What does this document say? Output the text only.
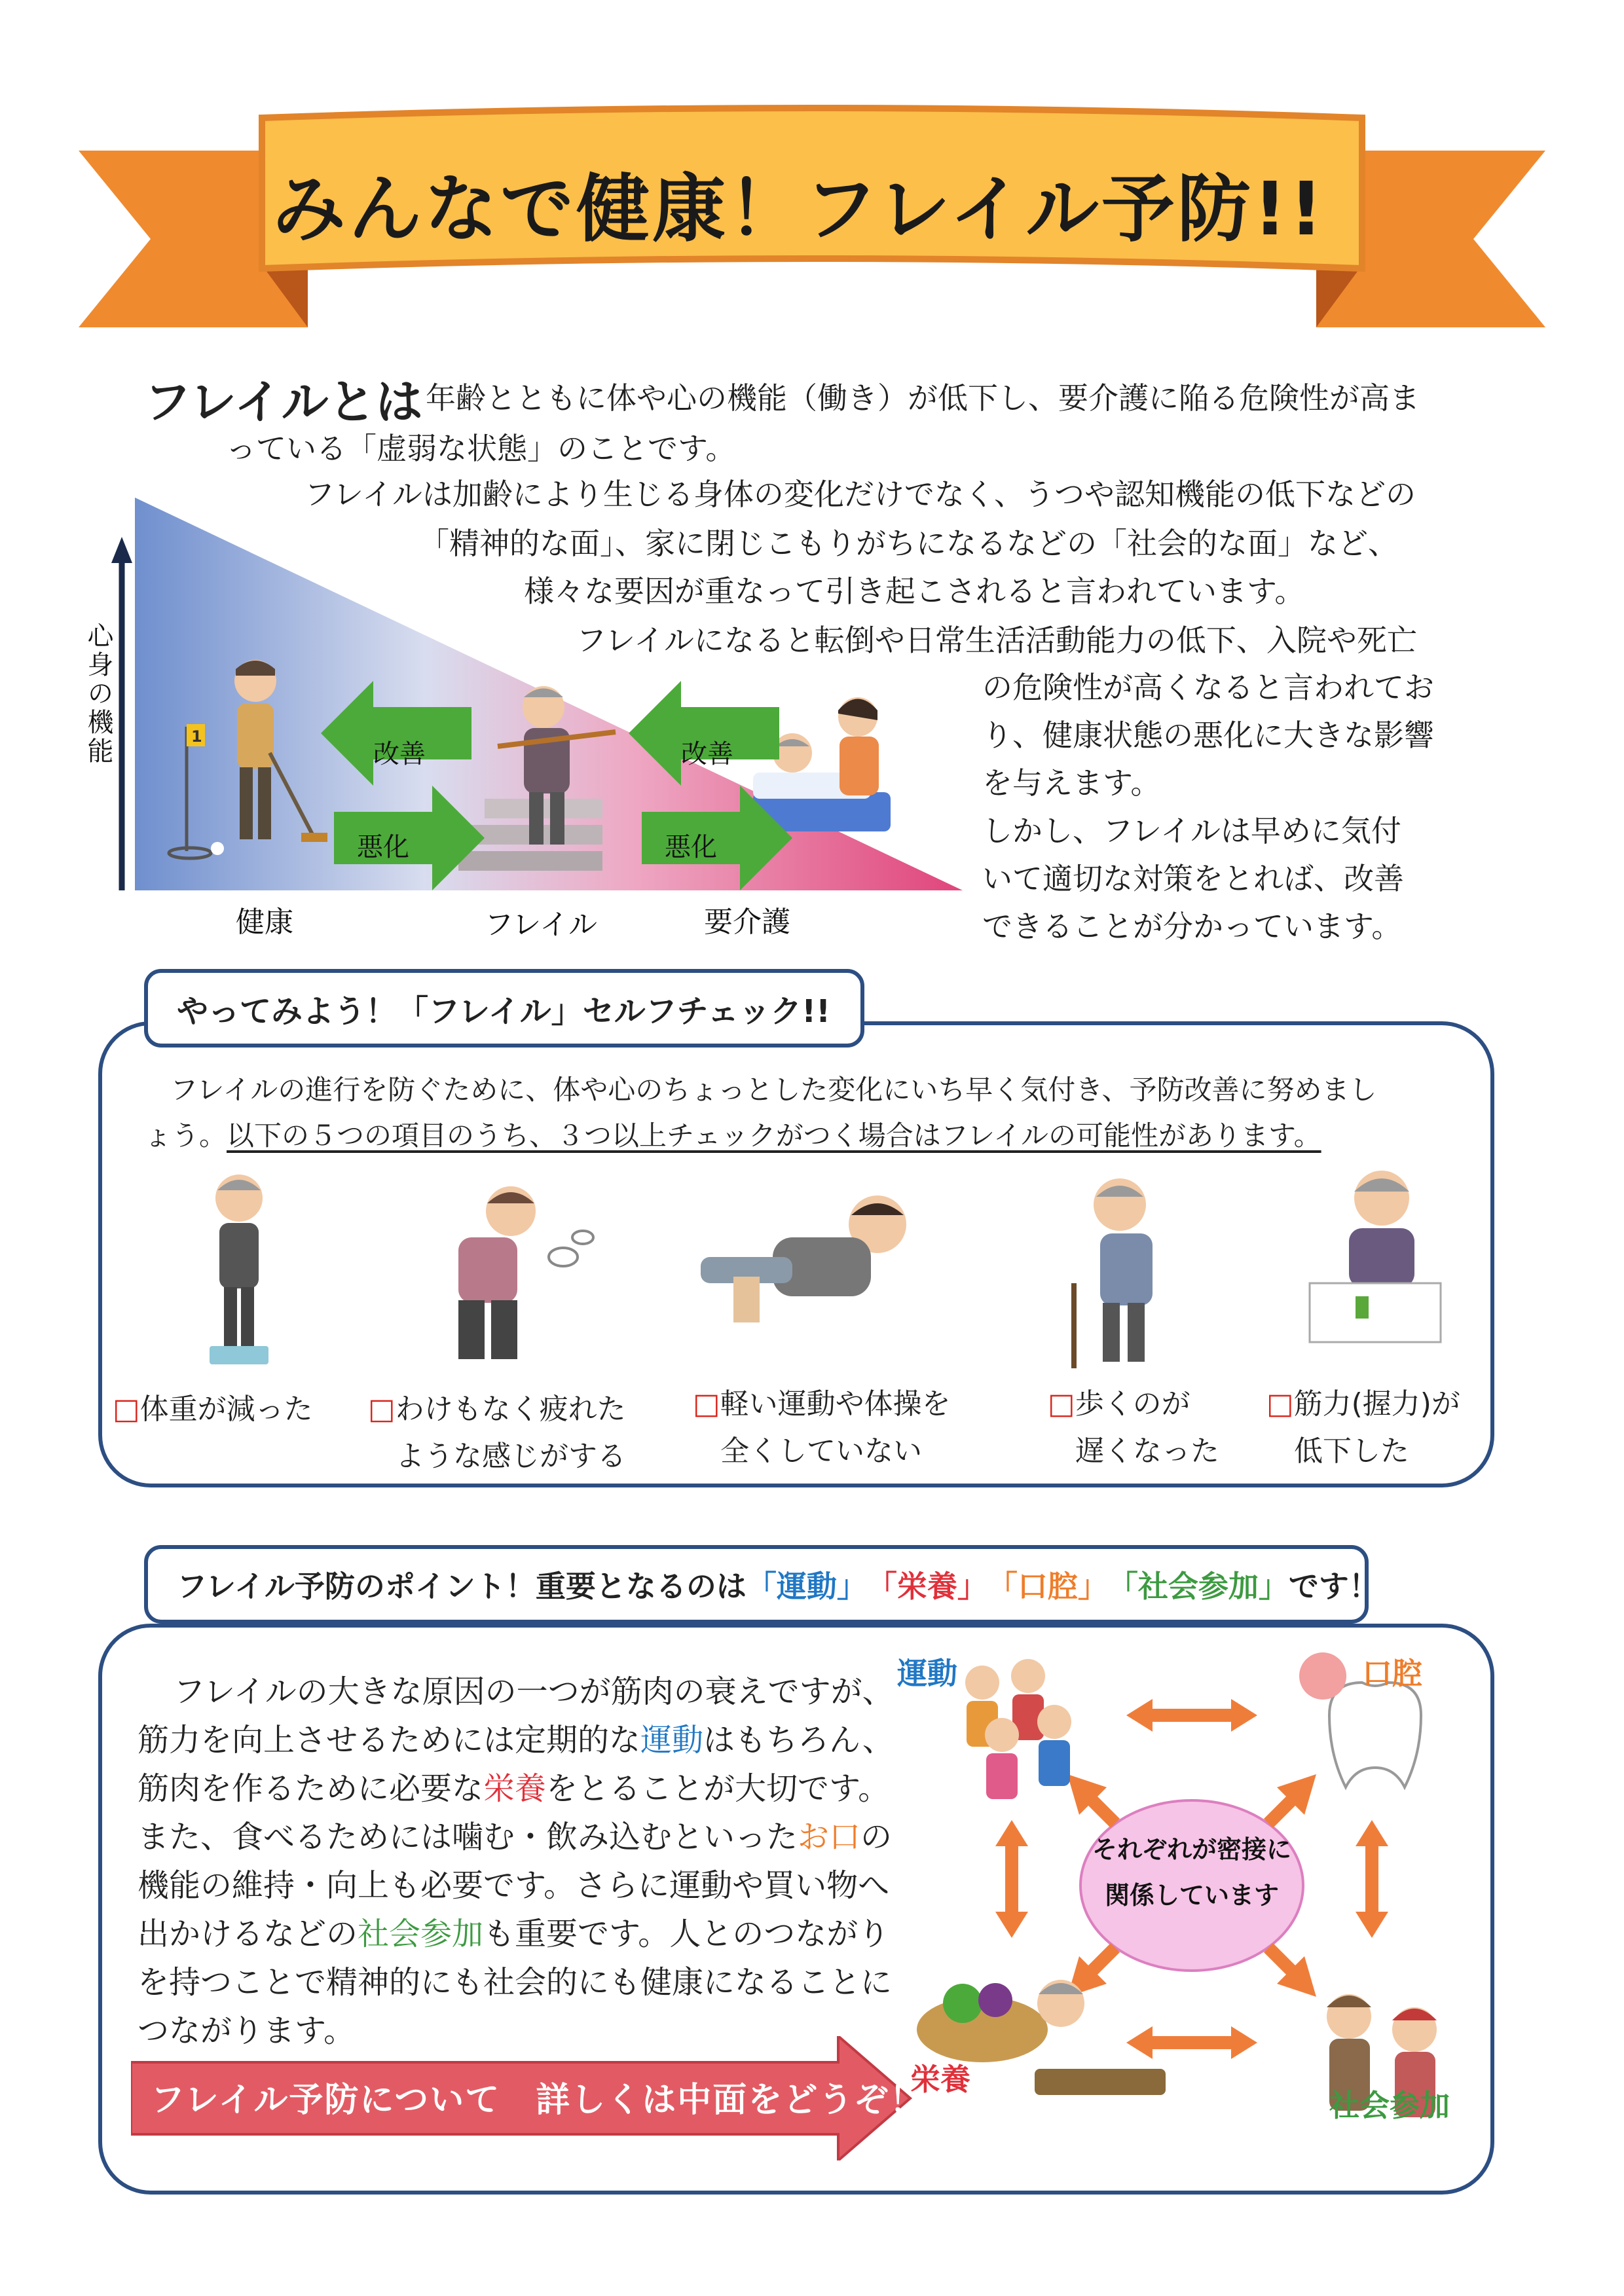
みんなで健康！フレイル予防!!
フレイルとは 年齢とともに体や心の機能（働き）が低下し、要介護に陥る危険性が高ま
っている「虚弱な状態」のことです。
フレイルは加齢により生じる身体の変化だけでなく、うつや認知機能の低下などの
「精神的な面」、家に閉じこもりがちになるなどの「社会的な面」など、
様々な要因が重なって引き起こされると言われています。
フレイルになると転倒や日常生活活動能力の低下、入院や死亡
の危険性が高くなると言われてお
り、健康状態の悪化に大きな影響
を与えます。
しかし、フレイルは早めに気付
いて適切な対策をとれば、改善
できることが分かっています。
1
改善
悪化
改善
悪化
心身の機能
健康	フレイル	要介護
やってみよう！「フレイル」セルフチェック!!
フレイルの進行を防ぐために、体や心のちょっとした変化にいち早く気付き、予防改善に努めまし
ょう。以下の５つの項目のうち、３つ以上チェックがつく場合はフレイルの可能性があります。
□体重が減った □わけもなく疲れた
ような感じがする
□軽い運動や体操を
全くしていない
□歩くのが
遅くなった
□筋力(握力)が
低下した
フレイル予防のポイント！重要となるのは 「運動」 「栄養」 「口腔」 「社会参加」 です！
フレイルの大きな原因の一つが筋肉の衰えですが、
筋力を向上させるためには定期的な運動はもちろん、
筋肉を作るために必要な栄養をとることが大切です。
また、食べるためには噛む・飲み込むといったお口の
機能の維持・向上も必要です。さらに運動や買い物へ
出かけるなどの社会参加も重要です。人とのつながり
を持つことで精神的にも社会的にも健康になることに
つながります。
フレイル予防について　詳しくは中面をどうぞ！
運動	口腔
栄養
社会参加
それぞれが密接に
関係しています
